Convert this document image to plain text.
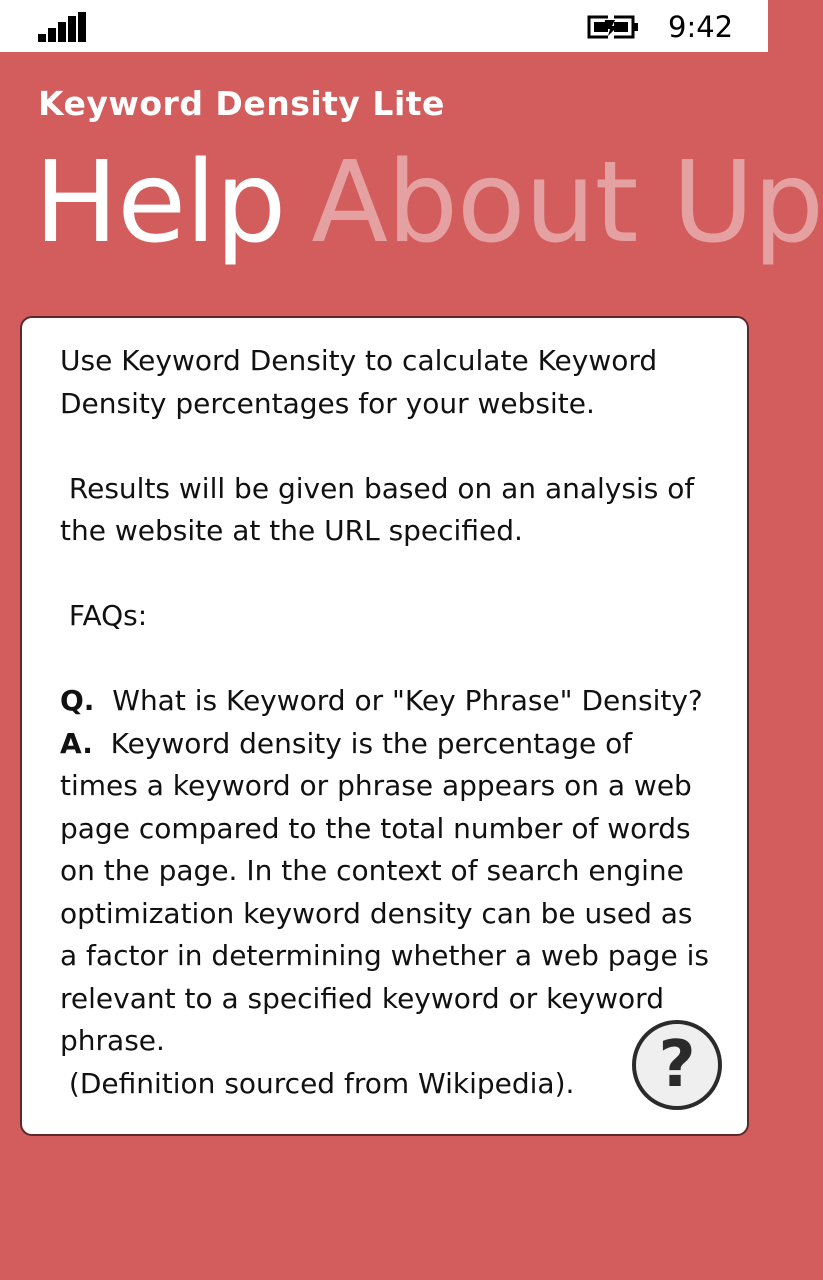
9:42
Keyword Density Lite
Help About Up

Use Keyword Density to calculate Keyword Density percentages for your website.

Results will be given based on an analysis of the website at the URL specified.

FAQs:

Q.  What is Keyword or "Key Phrase" Density?

A.  Keyword density is the percentage of times a keyword or phrase appears on a web page compared to the total number of words on the page. In the context of search engine optimization keyword density can be used as a factor in determining whether a web page is relevant to a specified keyword or keyword phrase.

(Definition sourced from Wikipedia).	?
